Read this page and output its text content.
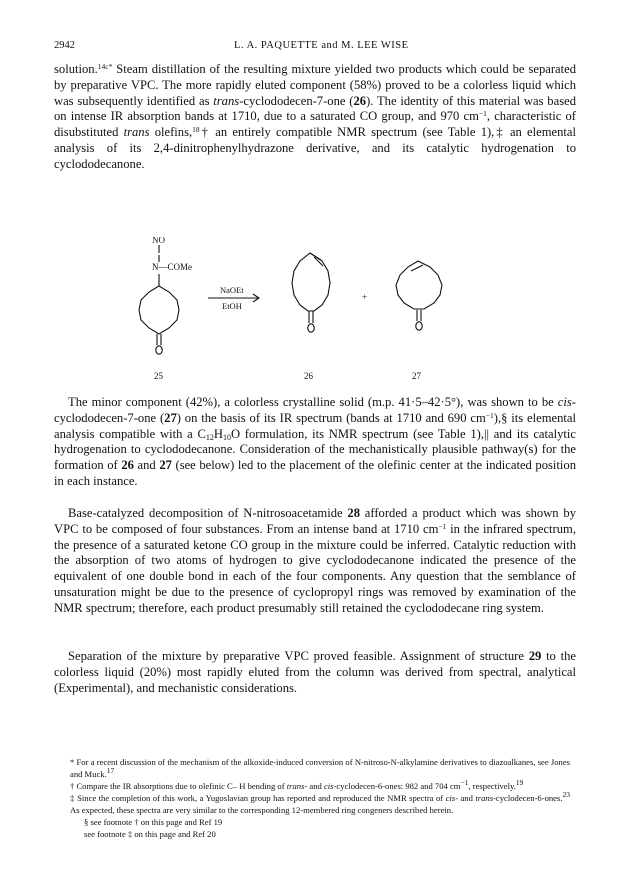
2942	L. A. PAQUETTE and M. LEE WISE

solution.$^{14c*}$ Steam distillation of the resulting mixture yielded two products which could be separated by preparative VPC. The more rapidly eluted component (58%) proved to be a colorless liquid which was subsequently identified as trans-cyclododecen-7-one (26). The identity of this material was based on intense IR absorption bands at 1710, due to a saturated CO group, and 970 $cm^{-1}$, characteristic of disubstituted trans olefins,$^{18}$† an entirely compatible NMR spectrum (see Table 1),‡ an elemental analysis of its 2,4-dinitrophenylhydrazone derivative, and its catalytic hydrogenation to cyclododecanone.

NO
N—COMe
NaOEt
EtOH
+
25	26	27

The minor component (42%), a colorless crystalline solid (m.p. 41·5–42·5°), was shown to be cis-cyclododecen-7-one (27) on the basis of its IR spectrum (bands at 1710 and 690 $cm^{-1}),\S$ its elemental analysis compatible with a $C_{12}H_{10}O$ formulation, its NMR spectrum (see Table 1),|| and its catalytic hydrogenation to cyclododecanone. Consideration of the mechanistically plausible pathway(s) for the formation of 26 and 27 (see below) led to the placement of the olefinic center at the indicated position in each instance.

Base-catalyzed decomposition of N-nitrosoacetamide 28 afforded a product which was shown by VPC to be composed of four substances. From an intense band at 1710 $cm^{-1}$ in the infrared spectrum, the presence of a saturated ketone CO group in the mixture could be inferred. Catalytic reduction with the absorption of two atoms of hydrogen to give cyclododecanone indicated the presence of the equivalent of one double bond in each of the four components. Any question that the semblance of unsaturation might be due to the presence of cyclopropyl rings was removed by examination of the NMR spectrum; therefore, each product presumably still retained the cyclododecane ring system.

Separation of the mixture by preparative VPC proved feasible. Assignment of structure 29 to the colorless liquid (20%) most rapidly eluted from the column was derived from spectral, analytical (Experimental), and mechanistic considerations.

* For a recent discussion of the mechanism of the alkoxide-induced conversion of N-nitroso-N-alkylamine derivatives to diazoalkanes, see Jones and Muck.$^{17}$

† Compare the IR absorptions due to olefinic C– H bending of trans- and cis-cyclodecen-6-ones: 982 and 704 $cm^{-1}$, respectively.$^{19}$

‡ Since the completion of this work, a Yugoslavian group has reported and reproduced the NMR spectra of cis- and trans-cyclodecen-6-ones.$^{23}$ As expected, these spectra are very similar to the corresponding 12-membered ring congeners described herein.

§ see footnote † on this page and Ref 19

see footnote ‡ on this page and Ref 20
